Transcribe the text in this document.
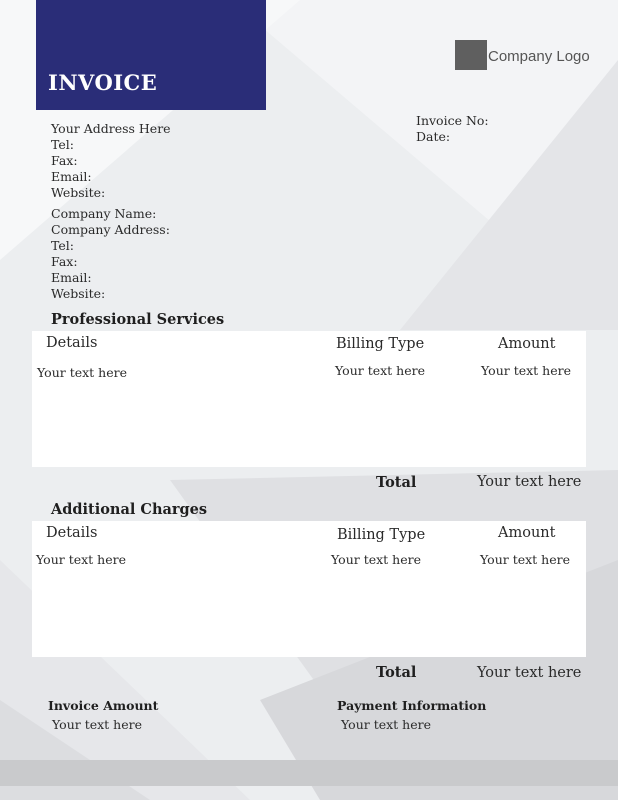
INVOICE
Company Logo
Your Address Here
Tel:
Fax:
Email:
Website:
Company Name:
Company Address:
Tel:
Fax:
Email:
Website:
Invoice No:
Date:
Professional Services
Details	Billing Type	Amount
Your text here	Your text here	Your text here
Total	Your text here
Additional Charges
Details	Billing Type	Amount
Your text here	Your text here	Your text here
Total	Your text here
Invoice Amount
Your text here
Payment Information
Your text here
